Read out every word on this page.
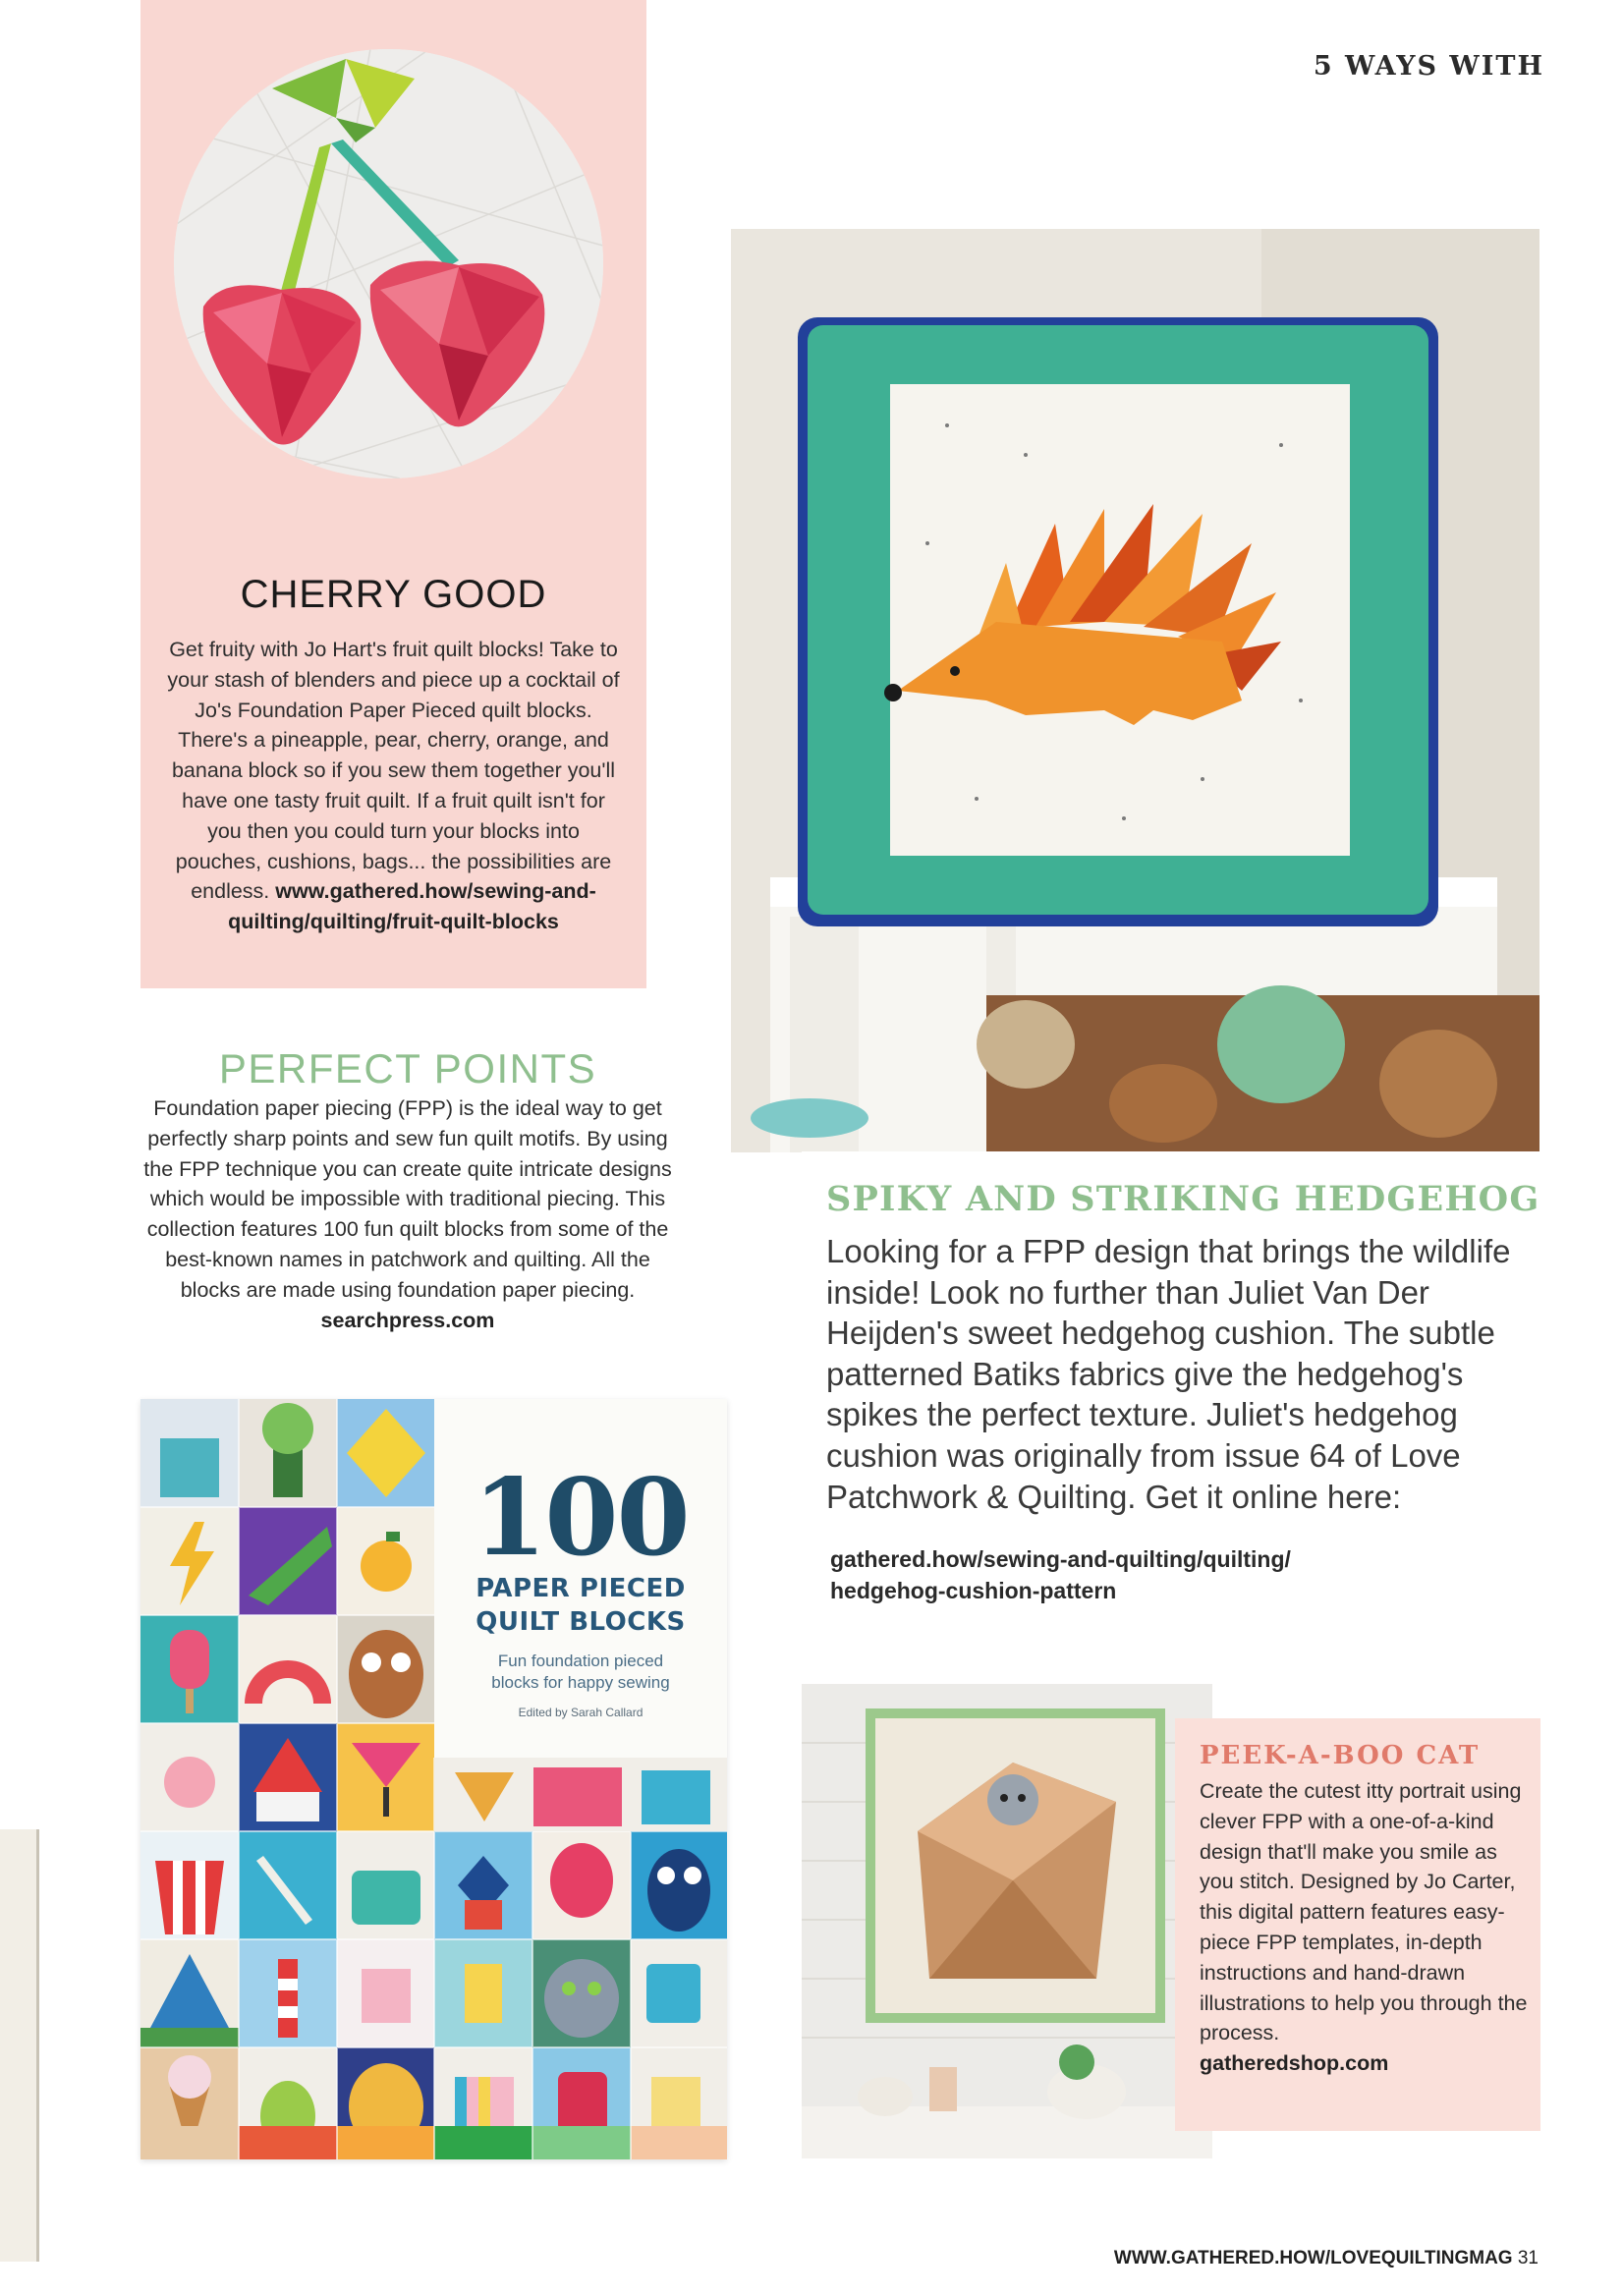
5 WAYS WITH
CHERRY GOOD
Get fruity with Jo Hart's fruit quilt blocks! Take to your stash of blenders and piece up a cocktail of Jo's Foundation Paper Pieced quilt blocks. There's a pineapple, pear, cherry, orange, and banana block so if you sew them together you'll have one tasty fruit quilt. If a fruit quilt isn't for you then you could turn your blocks into pouches, cushions, bags... the possibilities are endless. www.gathered.how/sewing-and-quilting/quilting/fruit-quilt-blocks
PERFECT POINTS
Foundation paper piecing (FPP) is the ideal way to get perfectly sharp points and sew fun quilt motifs. By using the FPP technique you can create quite intricate designs which would be impossible with traditional piecing. This collection features 100 fun quilt blocks from some of the best-known names in patchwork and quilting. All the blocks are made using foundation paper piecing.
searchpress.com
100
PAPER PIECED
QUILT BLOCKS
Fun foundation pieced
blocks for happy sewing
Edited by Sarah Callard
SPIKY AND STRIKING HEDGEHOG
Looking for a FPP design that brings the wildlife inside! Look no further than Juliet Van Der Heijden's sweet hedgehog cushion. The subtle patterned Batiks fabrics give the hedgehog's spikes the perfect texture. Juliet's hedgehog cushion was originally from issue 64 of Love Patchwork & Quilting. Get it online here:
gathered.how/sewing-and-quilting/quilting/
hedgehog-cushion-pattern
PEEK-A-BOO CAT
Create the cutest itty portrait using clever FPP with a one-of-a-kind design that'll make you smile as you stitch. Designed by Jo Carter, this digital pattern features easy-piece FPP templates, in-depth instructions and hand-drawn illustrations to help you through the process.
gatheredshop.com
WWW.GATHERED.HOW/LOVEQUILTINGMAG 31
